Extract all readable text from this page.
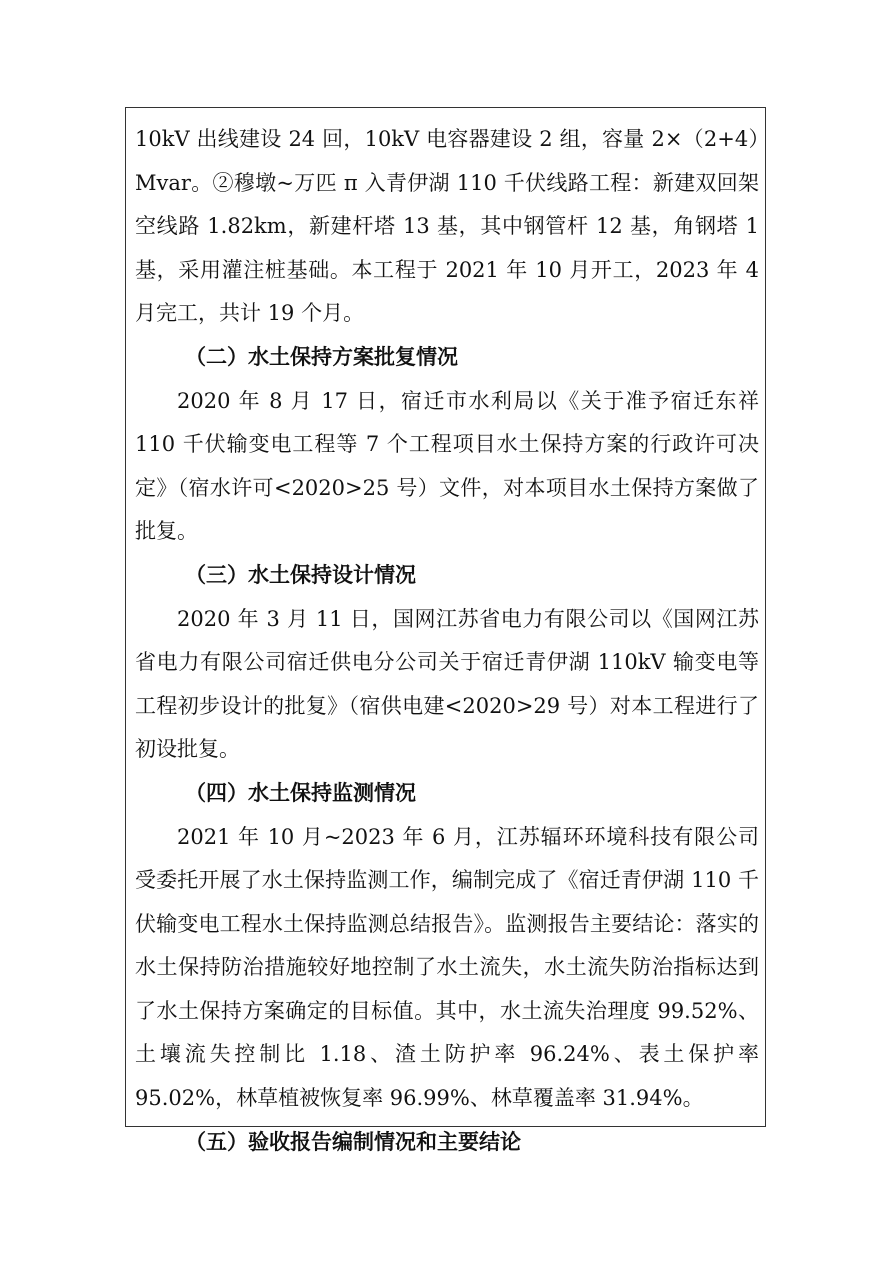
10kV 出线建设 24 回，10kV 电容器建设 2 组，容量 2×（2+4）Mvar。②穆墩~万匹 π 入青伊湖 110 千伏线路工程：新建双回架空线路 1.82km，新建杆塔 13 基，其中钢管杆 12 基，角钢塔 1 基，采用灌注桩基础。本工程于 2021 年 10 月开工，2023 年 4 月完工，共计 19 个月。

（二）水土保持方案批复情况

2020 年 8 月 17 日，宿迁市水利局以《关于准予宿迁东祥 110 千伏输变电工程等 7 个工程项目水土保持方案的行政许可决定》（宿水许可<2020>25 号）文件，对本项目水土保持方案做了批复。

（三）水土保持设计情况

2020 年 3 月 11 日，国网江苏省电力有限公司以《国网江苏省电力有限公司宿迁供电分公司关于宿迁青伊湖 110kV 输变电等工程初步设计的批复》（宿供电建<2020>29 号）对本工程进行了初设批复。

（四）水土保持监测情况

2021 年 10 月~2023 年 6 月，江苏辐环环境科技有限公司受委托开展了水土保持监测工作，编制完成了《宿迁青伊湖 110 千伏输变电工程水土保持监测总结报告》。监测报告主要结论：落实的水土保持防治措施较好地控制了水土流失，水土流失防治指标达到了水土保持方案确定的目标值。其中，水土流失治理度 99.52%、土壤流失控制比 1.18、渣土防护率 96.24%、表土保护率 95.02%，林草植被恢复率 96.99%、林草覆盖率 31.94%。

（五）验收报告编制情况和主要结论
